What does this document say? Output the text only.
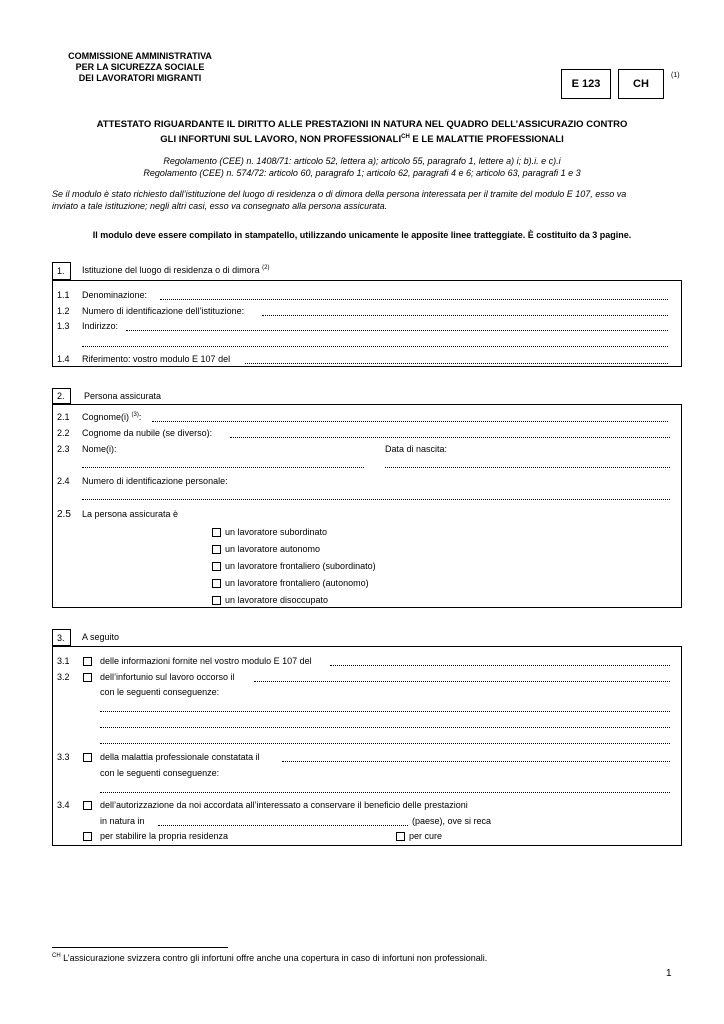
COMMISSIONE AMMINISTRATIVA
PER LA SICUREZZA SOCIALE
DEI LAVORATORI MIGRANTI	E 123	CH
(1)
ATTESTATO RIGUARDANTE IL DIRITTO ALLE PRESTAZIONI IN NATURA NEL QUADRO DELL’ASSICURAZIO CONTRO
GLI INFORTUNI SUL LAVORO, NON $PROFESSIONALI^{CH}$ E LE MALATTIE PROFESSIONALI
Regolamento (CEE) n. 1408/71: articolo 52, lettera a); articolo 55, paragrafo 1, lettere a) i; b).i. e c).i
Regolamento (CEE) n. 574/72: articolo 60, paragrafo 1; articolo 62, paragrafi 4 e 6; articolo 63, paragrafi 1 e 3
Se il modulo è stato richiesto dall’istituzione del luogo di residenza o di dimora della persona interessata per il tramite del modulo E 107, esso va
inviato a tale istituzione; negli altri casi, esso va consegnato alla persona assicurata.
Il modulo deve essere compilato in stampatello, utilizzando unicamente le apposite linee tratteggiate. È costituito da 3 pagine.
1. Istituzione del luogo di residenza o di dimora $^{(2)}$
1.1 Denominazione:
1.2 Numero di identificazione dell’istituzione:
1.3 Indirizzo:
1.4 Riferimento: vostro modulo E 107 del
2. Persona assicurata
2.1 Cognome(i) $^{(3)}$:
2.2 Cognome da nubile (se diverso):
2.3 Nome(i):	Data di nascita:
2.4 Numero di identificazione personale:
2.5 La persona assicurata è
un lavoratore subordinato
un lavoratore autonomo
un lavoratore frontaliero (subordinato)
un lavoratore frontaliero (autonomo)
un lavoratore disoccupato
3. A seguito
3.1	delle informazioni fornite nel vostro modulo E 107 del
3.2	dell’infortunio sul lavoro occorso il
con le seguenti conseguenze:
3.3	della malattia professionale constatata il
con le seguenti conseguenze:
3.4	dell’autorizzazione da noi accordata all’interessato a conservare il beneficio delle prestazioni
in natura in	(paese), ove si reca
per stabilire la propria residenza	per cure
$^{CH}$ L’assicurazione svizzera contro gli infortuni offre anche una copertura in caso di infortuni non professionali.
1
